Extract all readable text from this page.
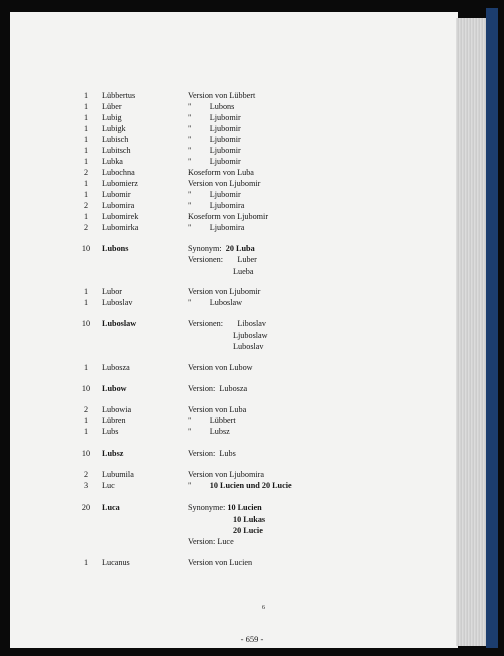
1	Lübbertus	Version von Lübbert
1	Lüber	"         Lubons
1	Lubig	"         Ljubomir
1	Lubigk	"         Ljubomir
1	Lubisch	"         Ljubomir
1	Lubitsch	"         Ljubomir
1	Lubka	"         Ljubomir
2	Lubochna	Koseform von Luba
1	Lubomierz	Version von Ljubomir
1	Lubomir	"         Ljubomir
2	Lubomira	"         Ljubomira
1	Lubomirek	Koseform von Ljubomir
2	Lubomirka	"         Ljubomira
10 Lubons	Synonym:  20 Luba
Versionen:       Luber
Lueba
1	Lubor	Version von Ljubomir
1	Luboslav	"         Luboslaw
10 Luboslaw	Versionen:       Liboslav
Ljuboslaw
Luboslav
1	Lubosza	Version von Lubow
10 Lubow	Version:  Lubosza
2	Lubowia	Version von Luba
1	Lübren	"         Lübbert
1	Lubs	"         Lubsz
10 Lubsz	Version:  Lubs
2	Lubumila	Version von Ljubomira
3	Luc	"         10 Lucien und 20 Lucie
20 Luca	Synonyme: 10 Lucien
10 Lukas
20 Lucie
Version: Luce
1	Lucanus	Version von Lucien
6
- 659 -
